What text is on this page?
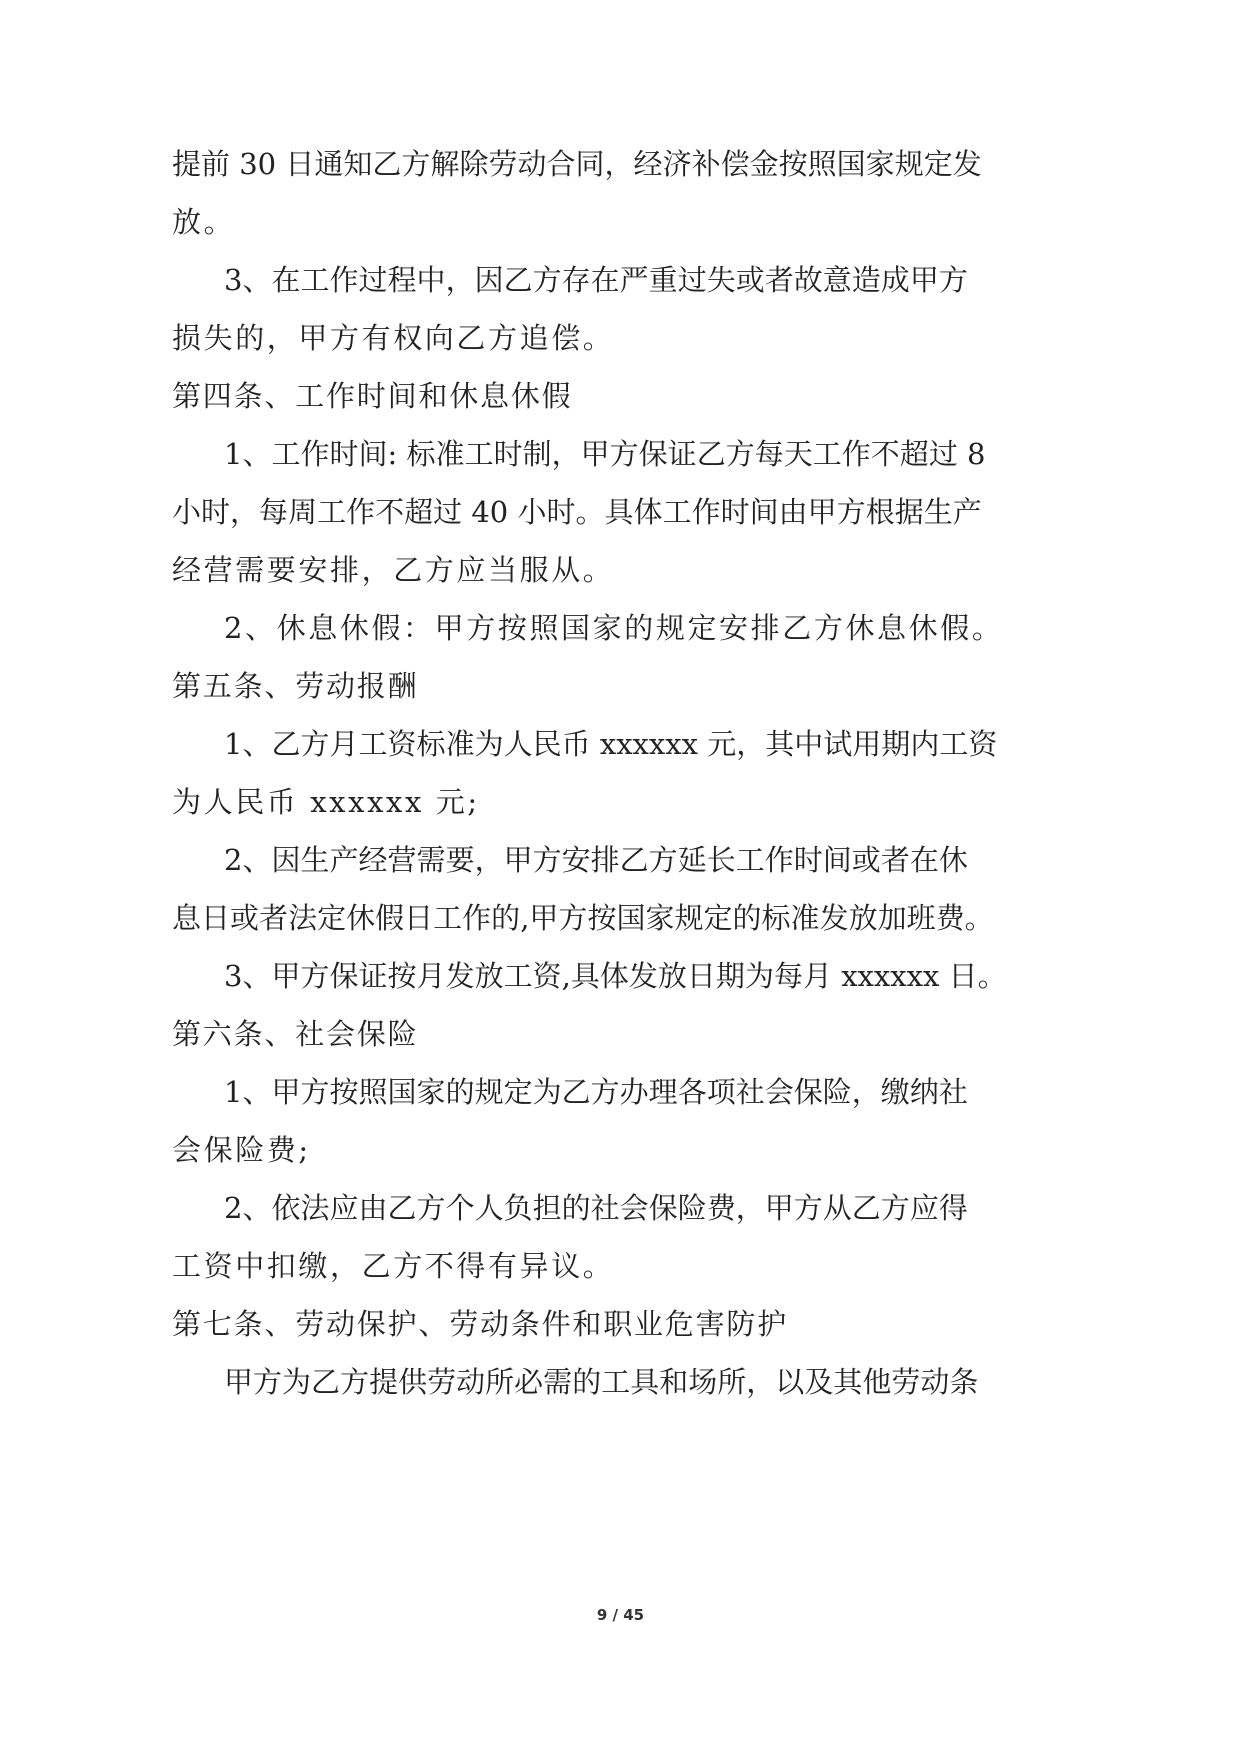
提 前 30 日 通 知 乙 方 解 除 劳 动 合 同 ， 经 济 补 偿 金 按 照 国 家 规 定 发
放。
3 、 在 工 作 过 程 中 ， 因 乙 方 存 在 严 重 过 失 或 者 故 意 造 成 甲 方
损失的，甲方有权向乙方追偿。
第四条、工作时间和休息休假
1 、 工 作 时 间 : 标 准 工 时 制 ， 甲 方 保 证 乙 方 每 天 工 作 不 超 过 8
小 时 ， 每 周 工 作 不 超 过 40 小 时 。 具 体 工 作 时 间 由 甲 方 根 据 生 产
经营需要安排，乙方应当服从。
2、休息休假：甲方按照国家的规定安排乙方休息休假。
第五条、劳动报酬
1 、 乙 方 月 工 资 标 准 为 人 民 币 xxxxxx 元 ， 其 中 试 用 期 内 工 资
为人民币 xxxxxx 元;
2 、 因 生 产 经 营 需 要 ， 甲 方 安 排 乙 方 延 长 工 作 时 间 或 者 在 休
息 日 或 者 法 定 休 假 日 工 作 的 , 甲 方 按 国 家 规 定 的 标 准 发 放 加 班 费 。
3 、 甲 方 保 证 按 月 发 放 工 资 , 具 体 发 放 日 期 为 每 月 xxxxxx 日 。
第六条、社会保险
1 、 甲 方 按 照 国 家 的 规 定 为 乙 方 办 理 各 项 社 会 保 险 ， 缴 纳 社
会保险费;
2 、 依 法 应 由 乙 方 个 人 负 担 的 社 会 保 险 费 ， 甲 方 从 乙 方 应 得
工资中扣缴，乙方不得有异议。
第七条、劳动保护、劳动条件和职业危害防护
甲 方 为 乙 方 提 供 劳 动 所 必 需 的 工 具 和 场 所 ， 以 及 其 他 劳 动 条
9 / 45
